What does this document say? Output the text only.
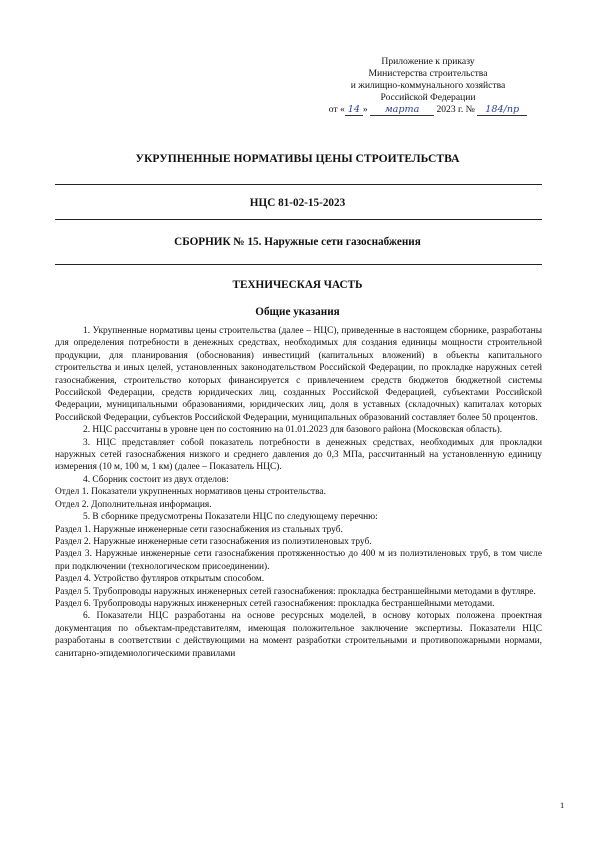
Приложение к приказу
Министерства строительства
и жилищно-коммунального хозяйства
Российской Федерации
от « 14 » марта 2023 г. № 184/пр
УКРУПНЕННЫЕ НОРМАТИВЫ ЦЕНЫ СТРОИТЕЛЬСТВА
НЦС 81-02-15-2023
СБОРНИК № 15. Наружные сети газоснабжения
ТЕХНИЧЕСКАЯ ЧАСТЬ
Общие указания

1. Укрупненные нормативы цены строительства (далее – НЦС), приведенные в настоящем сборнике, разработаны для определения потребности в денежных средствах, необходимых для создания единицы мощности строительной продукции, для планирования (обоснования) инвестиций (капитальных вложений) в объекты капитального строительства и иных целей, установленных законодательством Российской Федерации, по прокладке наружных сетей газоснабжения, строительство которых финансируется с привлечением средств бюджетов бюджетной системы Российской Федерации, средств юридических лиц, созданных Российской Федерацией, субъектами Российской Федерации, муниципальными образованиями, юридических лиц, доля в уставных (складочных) капиталах которых Российской Федерации, субъектов Российской Федерации, муниципальных образований составляет более 50 процентов.

2. НЦС рассчитаны в уровне цен по состоянию на 01.01.2023 для базового района (Московская область).

3. НЦС представляет собой показатель потребности в денежных средствах, необходимых для прокладки наружных сетей газоснабжения низкого и среднего давления до 0,3 МПа, рассчитанный на установленную единицу измерения (10 м, 100 м, 1 км) (далее – Показатель НЦС).

4. Сборник состоит из двух отделов:

Отдел 1. Показатели укрупненных нормативов цены строительства.

Отдел 2. Дополнительная информация.

5. В сборнике предусмотрены Показатели НЦС по следующему перечню:

Раздел 1. Наружные инженерные сети газоснабжения из стальных труб.

Раздел 2. Наружные инженерные сети газоснабжения из полиэтиленовых труб.

Раздел 3. Наружные инженерные сети газоснабжения протяженностью до 400 м из полиэтиленовых труб, в том числе при подключении (технологическом присоединении).

Раздел 4. Устройство футляров открытым способом.

Раздел 5. Трубопроводы наружных инженерных сетей газоснабжения: прокладка бестраншейными методами в футляре.

Раздел 6. Трубопроводы наружных инженерных сетей газоснабжения: прокладка бестраншейными методами.

6. Показатели НЦС разработаны на основе ресурсных моделей, в основу которых положена проектная документация по объектам-представителям, имеющая положительное заключение экспертизы. Показатели НЦС разработаны в соответствии с действующими на момент разработки строительными и противопожарными нормами, санитарно-эпидемиологическими правилами

1
